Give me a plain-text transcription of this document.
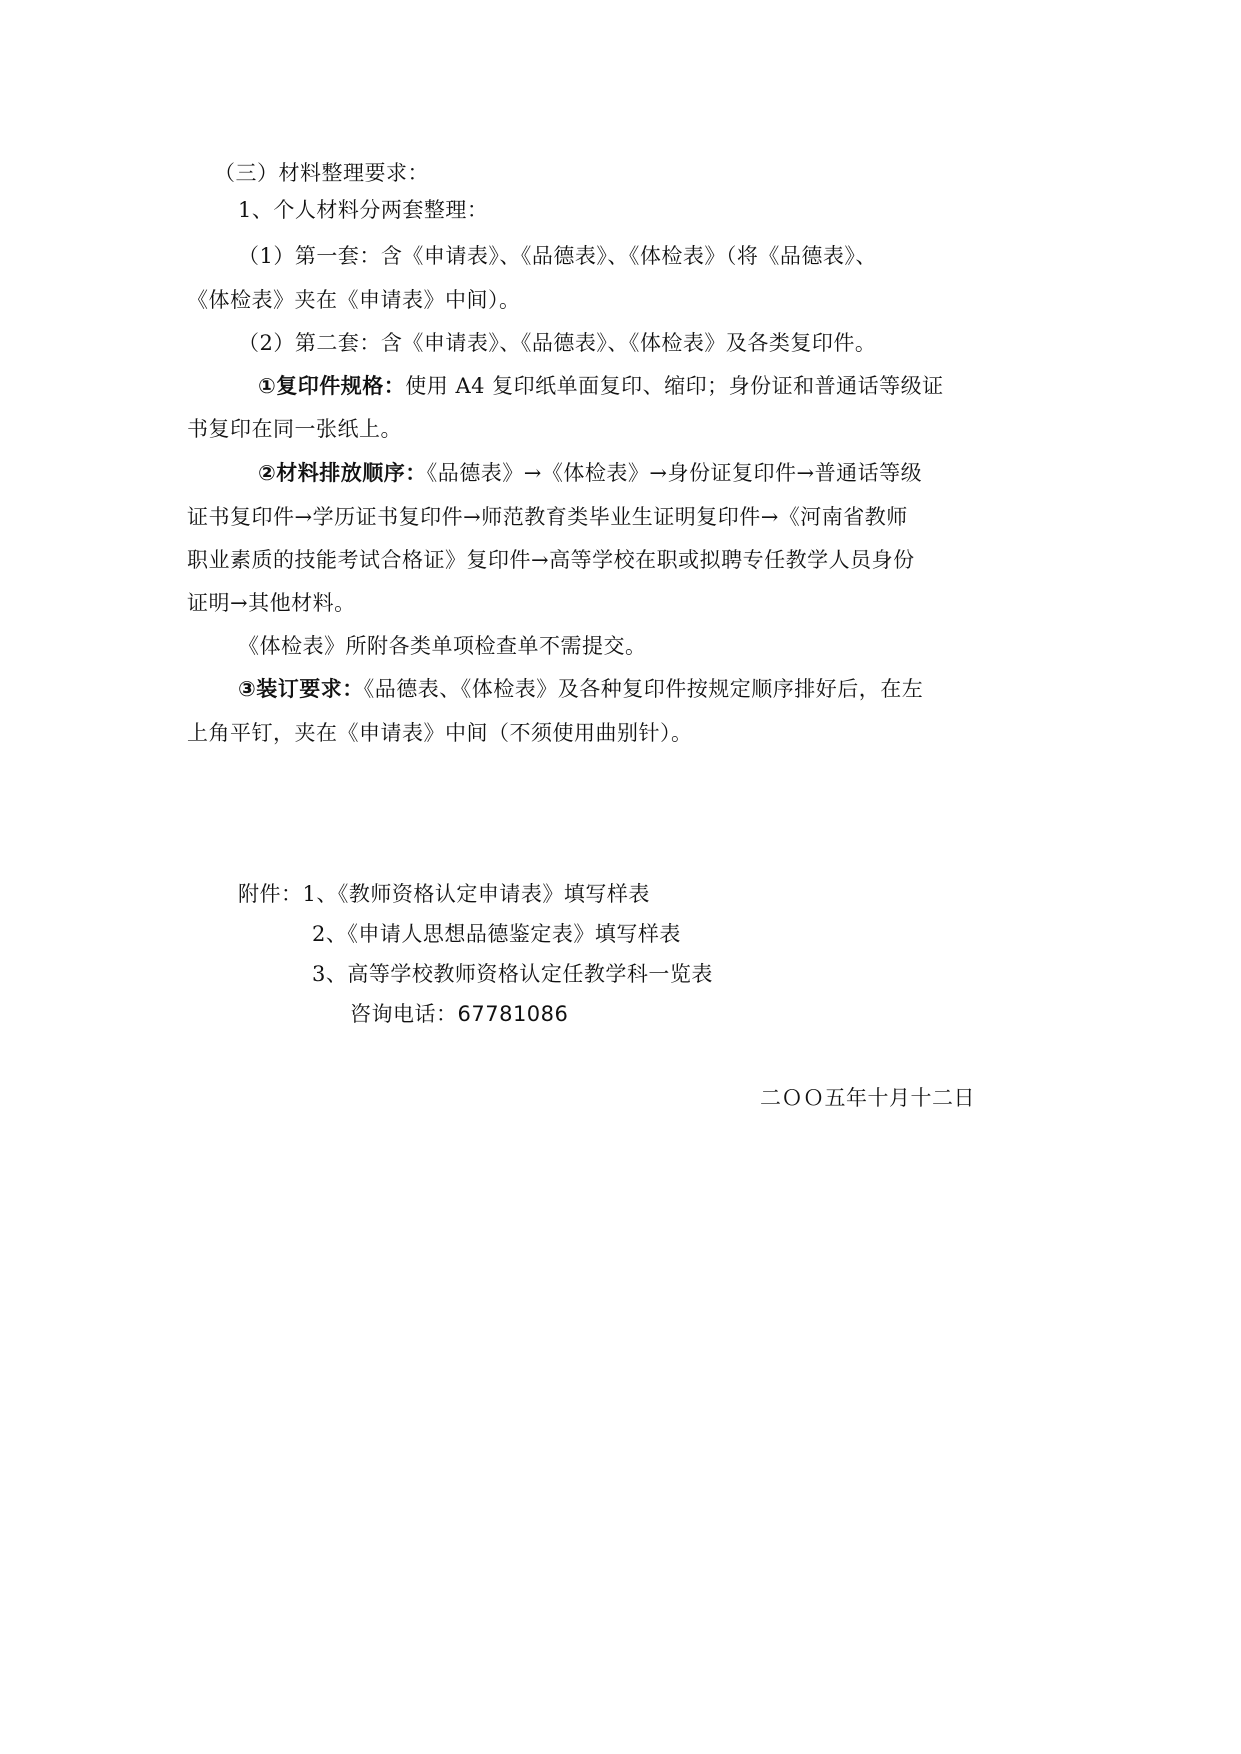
（三）材料整理要求：
1、个人材料分两套整理：
（1）第一套：含《申请表》、《品德表》、《体检表》（将《品德表》、
《体检表》夹在《申请表》中间）。
（2）第二套：含《申请表》、《品德表》、《体检表》及各类复印件。
①复印件规格：使用 A4 复印纸单面复印、缩印；身份证和普通话等级证
书复印在同一张纸上。
②材料排放顺序：《品德表》→《体检表》→身份证复印件→普通话等级
证书复印件→学历证书复印件→师范教育类毕业生证明复印件→《河南省教师
职业素质的技能考试合格证》复印件→高等学校在职或拟聘专任教学人员身份
证明→其他材料。
《体检表》所附各类单项检查单不需提交。
③装订要求：《品德表、《体检表》及各种复印件按规定顺序排好后，在左
上角平钉，夹在《申请表》中间（不须使用曲别针）。
附件：1、《教师资格认定申请表》填写样表
2、《申请人思想品德鉴定表》填写样表
3、高等学校教师资格认定任教学科一览表
咨询电话：67781086
二ＯＯ五年十月十二日
